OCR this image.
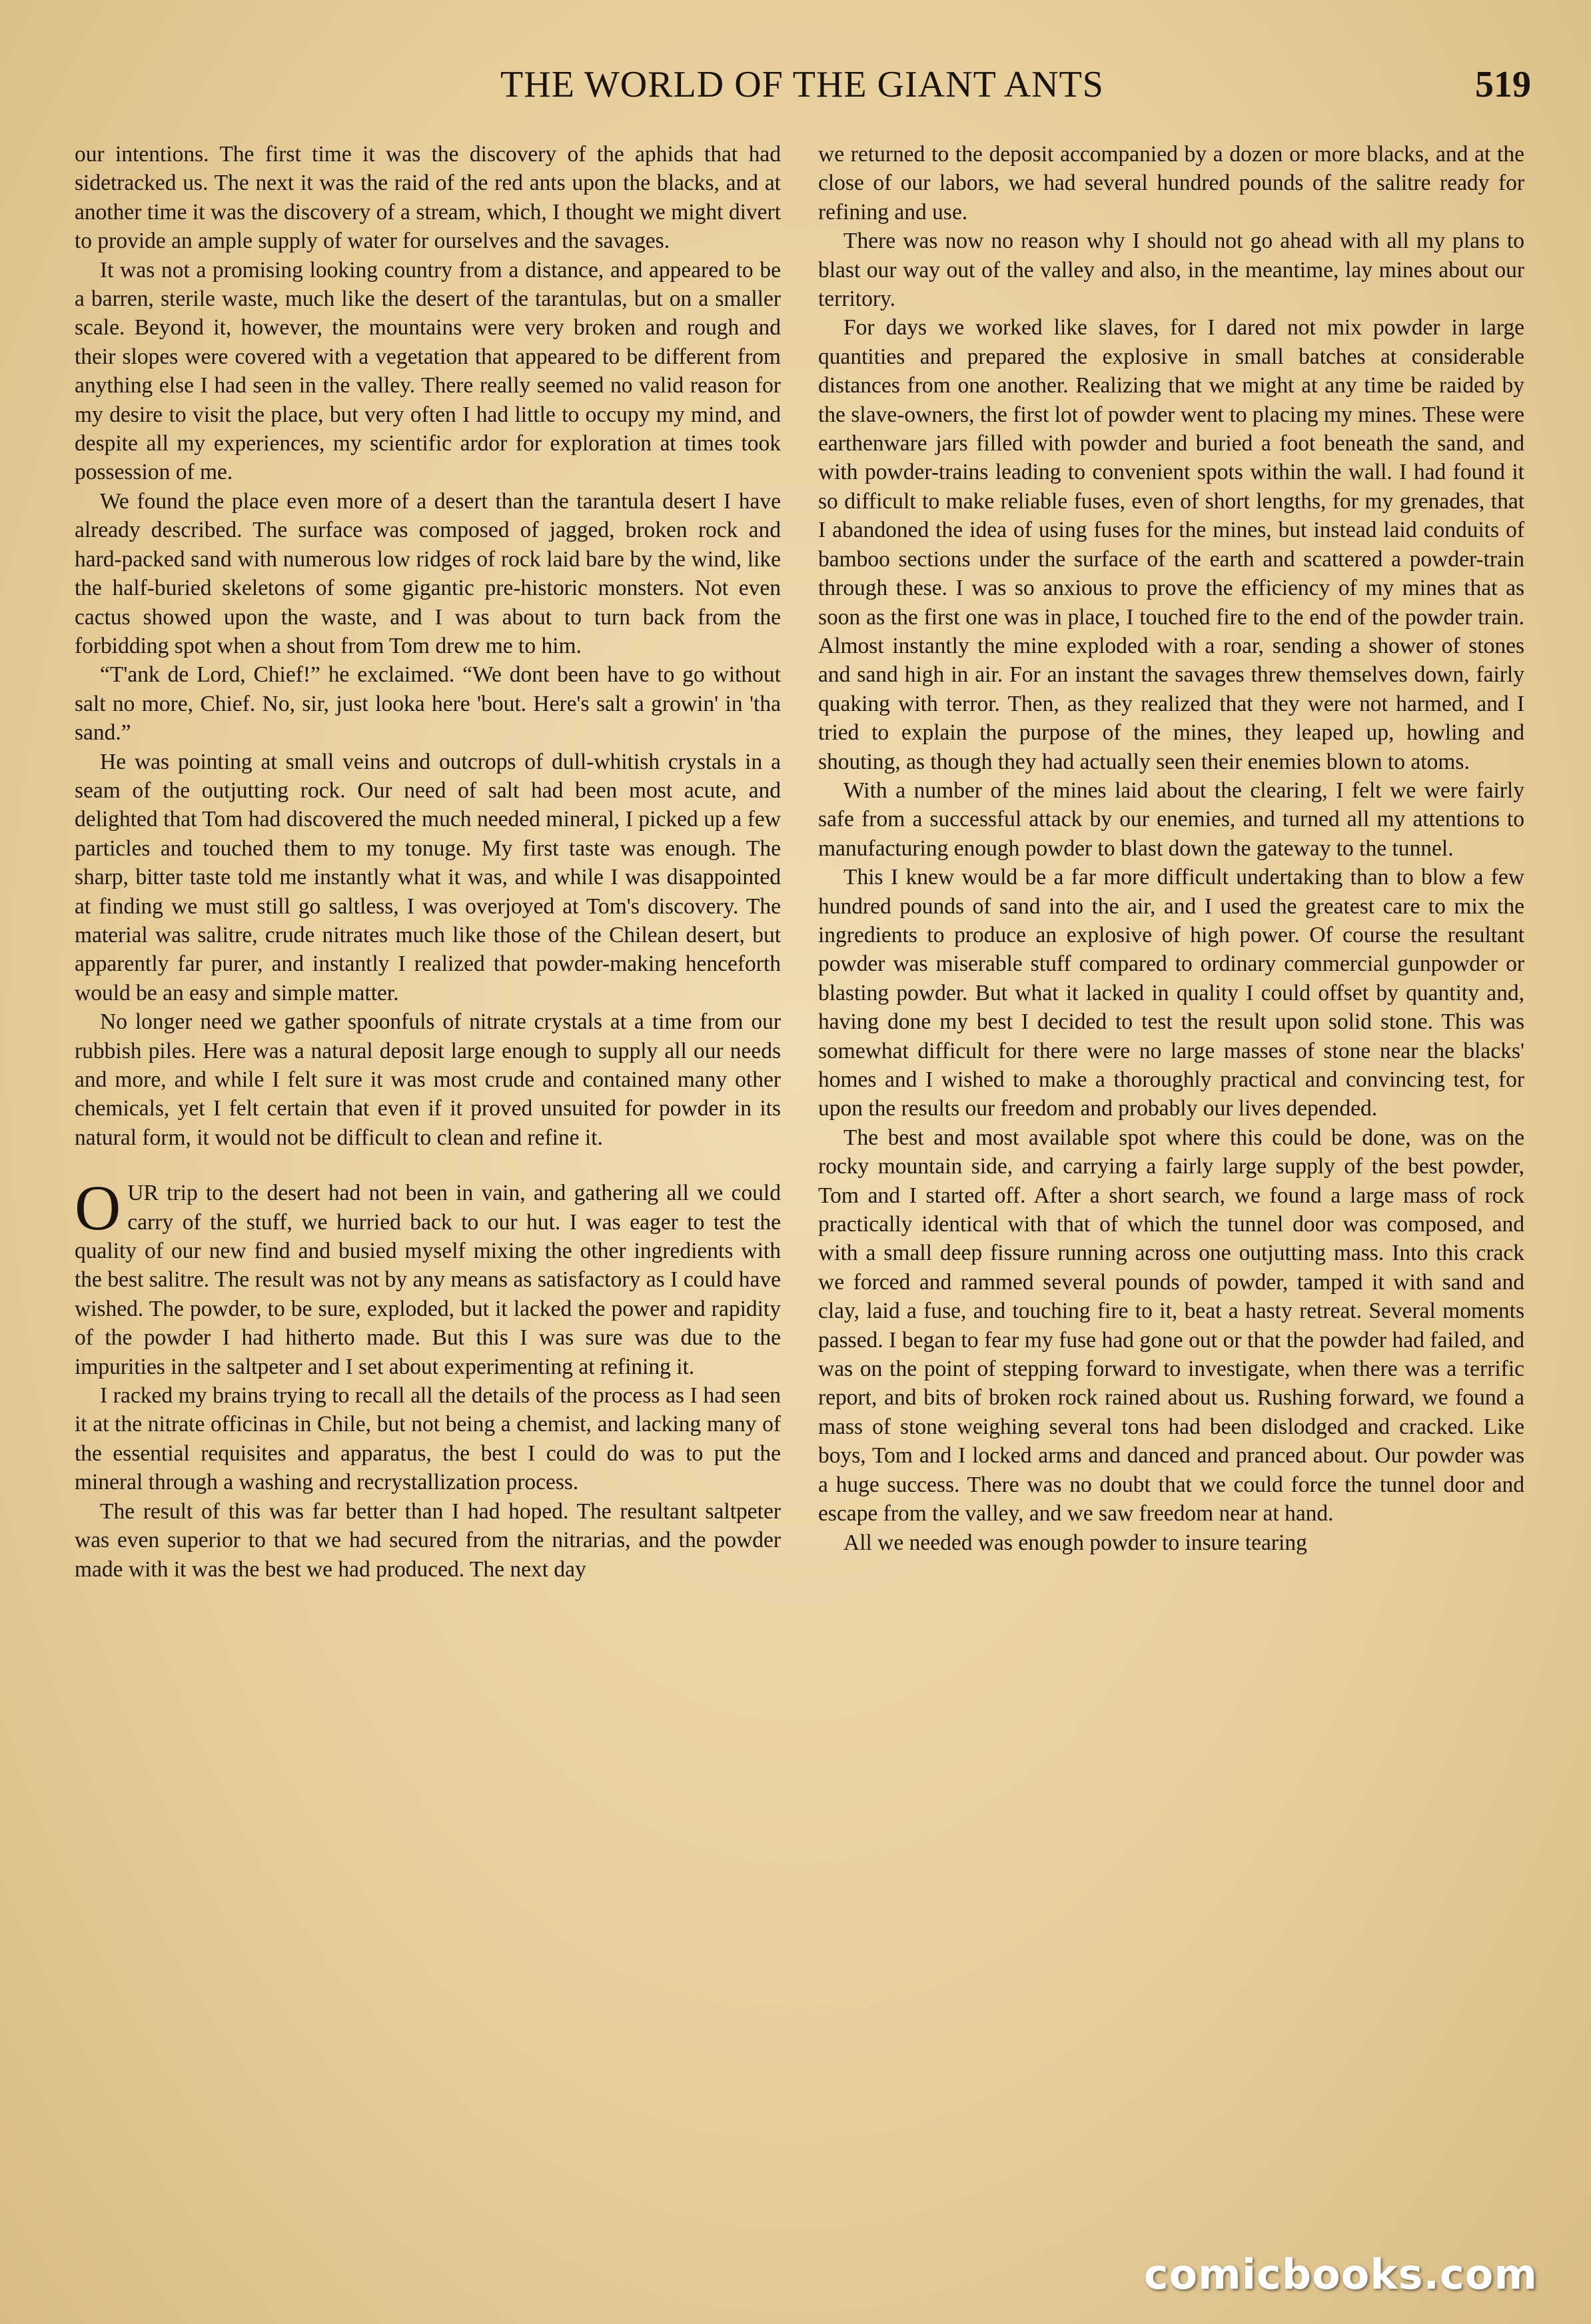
THE WORLD OF THE GIANT ANTS	519

our intentions. The first time it was the discovery of the aphids that had sidetracked us. The next it was the raid of the red ants upon the blacks, and at another time it was the discovery of a stream, which, I thought we might divert to provide an ample supply of water for ourselves and the savages.

It was not a promising looking country from a distance, and appeared to be a barren, sterile waste, much like the desert of the tarantulas, but on a smaller scale. Beyond it, however, the mountains were very broken and rough and their slopes were covered with a vegetation that appeared to be different from anything else I had seen in the valley. There really seemed no valid reason for my desire to visit the place, but very often I had little to occupy my mind, and despite all my experiences, my scientific ardor for exploration at times took possession of me.

We found the place even more of a desert than the tarantula desert I have already described. The surface was composed of jagged, broken rock and hard-packed sand with numerous low ridges of rock laid bare by the wind, like the half-buried skeletons of some gigantic pre-historic monsters. Not even cactus showed upon the waste, and I was about to turn back from the forbidding spot when a shout from Tom drew me to him.

“T'ank de Lord, Chief!” he exclaimed. “We dont been have to go without salt no more, Chief. No, sir, just looka here 'bout. Here's salt a growin' in 'tha sand.”

He was pointing at small veins and outcrops of dull-whitish crystals in a seam of the outjutting rock. Our need of salt had been most acute, and delighted that Tom had discovered the much needed mineral, I picked up a few particles and touched them to my tonuge. My first taste was enough. The sharp, bitter taste told me instantly what it was, and while I was disappointed at finding we must still go saltless, I was overjoyed at Tom's discovery. The material was salitre, crude nitrates much like those of the Chilean desert, but apparently far purer, and instantly I realized that powder-making henceforth would be an easy and simple matter.

No longer need we gather spoonfuls of nitrate crystals at a time from our rubbish piles. Here was a natural deposit large enough to supply all our needs and more, and while I felt sure it was most crude and contained many other chemicals, yet I felt certain that even if it proved unsuited for powder in its natural form, it would not be difficult to clean and refine it.

OUR trip to the desert had not been in vain, and gathering all we could carry of the stuff, we hurried back to our hut. I was eager to test the quality of our new find and busied myself mixing the other ingredients with the best salitre. The result was not by any means as satisfactory as I could have wished. The powder, to be sure, exploded, but it lacked the power and rapidity of the powder I had hitherto made. But this I was sure was due to the impurities in the saltpeter and I set about experimenting at refining it.

I racked my brains trying to recall all the details of the process as I had seen it at the nitrate officinas in Chile, but not being a chemist, and lacking many of the essential requisites and apparatus, the best I could do was to put the mineral through a washing and recrystallization process.

The result of this was far better than I had hoped. The resultant saltpeter was even superior to that we had secured from the nitrarias, and the powder made with it was the best we had produced. The next day

we returned to the deposit accompanied by a dozen or more blacks, and at the close of our labors, we had several hundred pounds of the salitre ready for refining and use.

There was now no reason why I should not go ahead with all my plans to blast our way out of the valley and also, in the meantime, lay mines about our territory.

For days we worked like slaves, for I dared not mix powder in large quantities and prepared the explosive in small batches at considerable distances from one another. Realizing that we might at any time be raided by the slave-owners, the first lot of powder went to placing my mines. These were earthenware jars filled with powder and buried a foot beneath the sand, and with powder-trains leading to convenient spots within the wall. I had found it so difficult to make reliable fuses, even of short lengths, for my grenades, that I abandoned the idea of using fuses for the mines, but instead laid conduits of bamboo sections under the surface of the earth and scattered a powder-train through these. I was so anxious to prove the efficiency of my mines that as soon as the first one was in place, I touched fire to the end of the powder train. Almost instantly the mine exploded with a roar, sending a shower of stones and sand high in air. For an instant the savages threw themselves down, fairly quaking with terror. Then, as they realized that they were not harmed, and I tried to explain the purpose of the mines, they leaped up, howling and shouting, as though they had actually seen their enemies blown to atoms.

With a number of the mines laid about the clearing, I felt we were fairly safe from a successful attack by our enemies, and turned all my attentions to manufacturing enough powder to blast down the gateway to the tunnel.

This I knew would be a far more difficult undertaking than to blow a few hundred pounds of sand into the air, and I used the greatest care to mix the ingredients to produce an explosive of high power. Of course the resultant powder was miserable stuff compared to ordinary commercial gunpowder or blasting powder. But what it lacked in quality I could offset by quantity and, having done my best I decided to test the result upon solid stone. This was somewhat difficult for there were no large masses of stone near the blacks' homes and I wished to make a thoroughly practical and convincing test, for upon the results our freedom and probably our lives depended.

The best and most available spot where this could be done, was on the rocky mountain side, and carrying a fairly large supply of the best powder, Tom and I started off. After a short search, we found a large mass of rock practically identical with that of which the tunnel door was composed, and with a small deep fissure running across one outjutting mass. Into this crack we forced and rammed several pounds of powder, tamped it with sand and clay, laid a fuse, and touching fire to it, beat a hasty retreat. Several moments passed. I began to fear my fuse had gone out or that the powder had failed, and was on the point of stepping forward to investigate, when there was a terrific report, and bits of broken rock rained about us. Rushing forward, we found a mass of stone weighing several tons had been dislodged and cracked. Like boys, Tom and I locked arms and danced and pranced about. Our powder was a huge success. There was no doubt that we could force the tunnel door and escape from the valley, and we saw freedom near at hand.

All we needed was enough powder to insure tearing

comicbooks.com
